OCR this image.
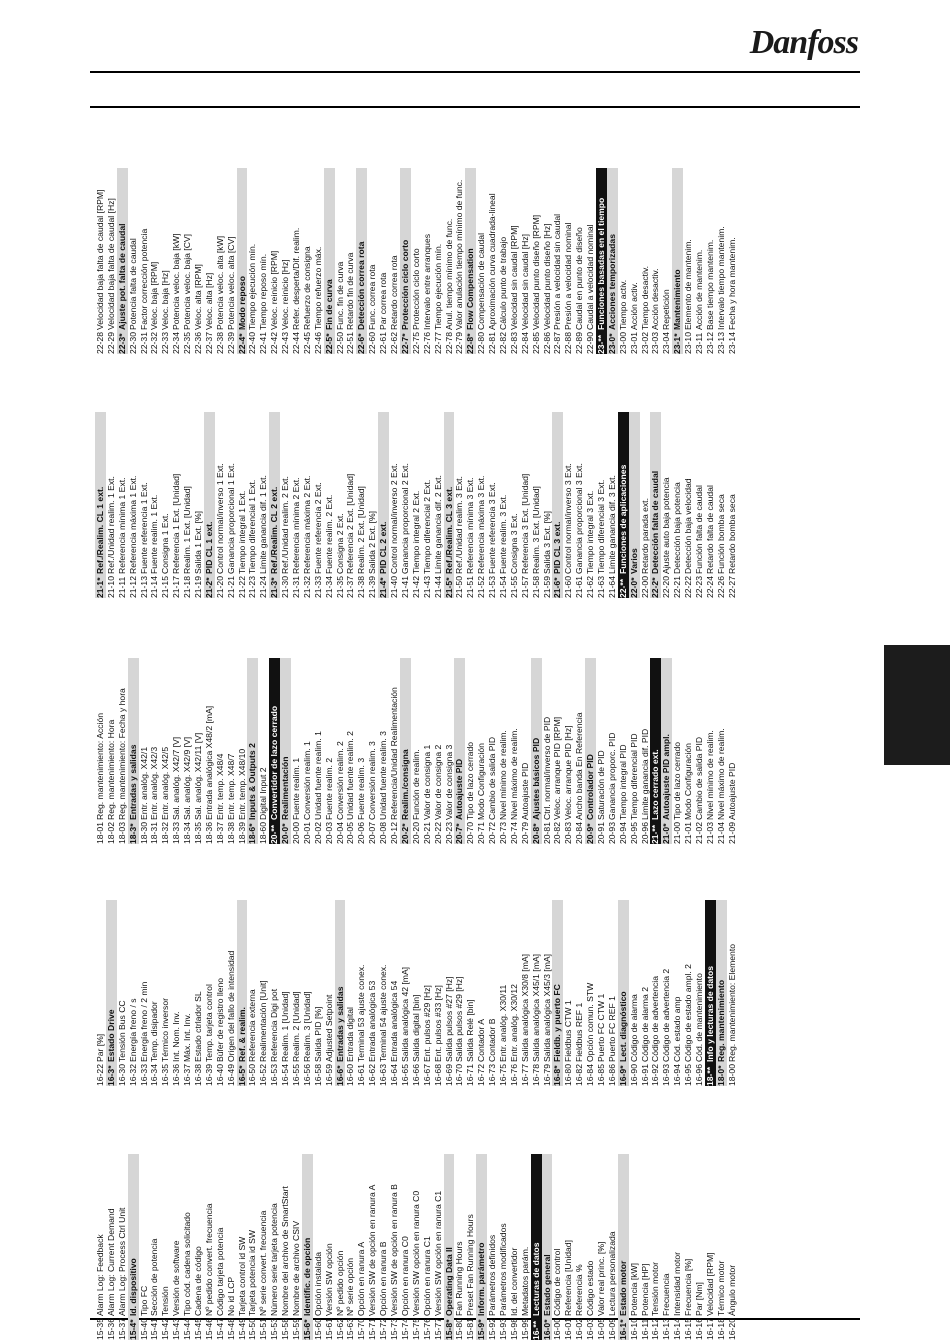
Danfoss
15-35Alarm Log: Feedback
15-36Alarm Log: Current Demand
15-37Alarm Log: Process Ctrl Unit
15-4*Id. dispositivo
15-40Tipo FC
15-41Sección de potencia
15-42Tensión
15-43Versión de software
15-44Tipo cód. cadena solicitado
15-45Cadena de código
15-46Nº pedido convert. frecuencia
15-47Código tarjeta potencia
15-48No id LCP
15-49Tarjeta control id SW
15-50Tarjeta potencia id SW
15-51Nº serie convert. frecuencia
15-53Número serie tarjeta potencia
15-58Nombre del archivo de SmartStart
15-59Nombre de archivo CSIV
15-6*Identific. de opción
15-60Opción instalada
15-61Versión SW opción
15-62Nº pedido opción
15-63Nº serie opción
15-70Opción en ranura A
15-71Versión SW de opción en ranura A
15-72Opción en ranura B
15-73Versión SW de opción en ranura B
15-74Opción en ranura C0
15-75Versión SW opción en ranura C0
15-76Opción en ranura C1
15-77Versión SW opción en ranura C1
15-8*Operating Data II
15-80Fan Running Hours
15-81Preset Fan Running Hours
15-9*Inform. parámetro
15-92Parámetros definidos
15-93Parámetros modificados
15-98Id. del convertidor
15-99Metadatos parám.
16-**Lecturas de datos
16-0*Estado general
16-00Código de control
16-01Referencia [Unidad]
16-02Referencia %
16-03Código estado
16-05Valor real princ. [%]
16-09Lectura personalizada
16-1*Estado motor
16-10Potencia [kW]
16-11Potencia [HP]
16-12Tensión motor
16-13Frecuencia
16-14Intensidad motor
16-15Frecuencia [%]
16-16Par [Nm]
16-17Velocidad [RPM]
16-18Térmico motor
16-20Ángulo motor
16-22Par [%]
16-3*Estado Drive
16-30Tensión Bus CC
16-32Energía freno / s
16-33Energía freno / 2 min
16-34Temp. disipador
16-35Térmico inversor
16-36Int. Nom. Inv.
16-37Máx. Int. Inv.
16-38Estado ctrlador SL
16-39Temp. tarjeta control
16-40Búfer de registro lleno
16-49Origen del fallo de intensidad
16-5*Ref. & realim.
16-50Referencia externa
16-52Realimentación [Unit]
16-53Referencia Digi pot
16-54Realim. 1 [Unidad]
16-55Realim. 2 [Unidad]
16-56Realim. 3 [Unidad]
16-58Salida PID [%]
16-59Adjusted Setpoint
16-6*Entradas y salidas
16-60Entrada digital
16-61Terminal 53 ajuste conex.
16-62Entrada analógica 53
16-63Terminal 54 ajuste conex.
16-64Entrada analógica 54
16-65Salida analógica 42 [mA]
16-66Salida digital [bin]
16-67Ent. pulsos #29 [Hz]
16-68Ent. pulsos #33 [Hz]
16-69Salida pulsos #27 [Hz]
16-70Salida pulsos #29 [Hz]
16-71Salida Relé [bin]
16-72Contador A
16-73Contador B
16-75Entr. analóg. X30/11
16-76Entr. analóg. X30/12
16-77Salida analógica X30/8 [mA]
16-78Salida analógica X45/1 [mA]
16-79Salida analógica X45/3 [mA]
16-8*Fieldb. y puerto FC
16-80Fieldbus CTW 1
16-82Fieldbus REF 1
16-84Opción comun. STW
16-85Puerto FC CTW 1
16-86Puerto FC REF 1
16-9*Lect. diagnóstico
16-90Código de alarma
16-91Código de alarma 2
16-92Código de advertencia
16-93Código de advertencia 2
16-94Cód. estado amp
16-95Código de estado ampl. 2
16-96Cód. de mantenimiento
18-**Info y lecturas de datos
18-0*Reg. mantenimiento
18-00Reg. mantenimiento: Elemento
18-01Reg. mantenimiento: Acción
18-02Reg. mantenimiento: Hora
18-03Reg. mantenimiento: Fecha y hora
18-3*Entradas y salidas
18-30Entr. analóg. X42/1
18-31Entr. analóg. X42/3
18-32Entr. analóg. X42/5
18-33Sal. analóg. X42/7 [V]
18-34Sal. analóg. X42/9 [V]
18-35Sal. analóg. X42/11 [V]
18-36Entrada analógica X48/2 [mA]
18-37Entr. temp. X48/4
18-38Entr. temp. X48/7
18-39Entr. temp. X48/10
18-6*Inputs & Outputs 2
18-60Digital Input 2
20-**Convertidor de lazo cerrado
20-0*Realimentación
20-00Fuente realim. 1
20-01Conversión realim. 1
20-02Unidad fuente realim. 1
20-03Fuente realim. 2
20-04Conversión realim. 2
20-05Unidad fuente realim. 2
20-06Fuente realim. 3
20-07Conversión realim. 3
20-08Unidad fuente realim. 3
20-12Referencia/Unidad Realimentación
20-2*Realim./consigna
20-20Función de realim.
20-21Valor de consigna 1
20-22Valor de consigna 2
20-23Valor de consigna 3
20-7*Autoajuste PID
20-70Tipo de lazo cerrado
20-71Modo Configuración
20-72Cambio de salida PID
20-73Nivel mínimo de realim.
20-74Nivel máximo de realim.
20-79Autoajuste PID
20-8*Ajustes básicos PID
20-81Ctrl. normal/inverso de PID
20-82Veloc. arranque PID [RPM]
20-83Veloc. arranque PID [Hz]
20-84Ancho banda En Referencia
20-9*Controlador PID
20-91Saturación de PID
20-93Ganancia proporc. PID
20-94Tiempo integral PID
20-95Tiempo diferencial PID
20-96Límite ganancia dif. PID
21-**Lazo cerrado ext.
21-0*Autoajuste PID ampl.
21-00Tipo de lazo cerrado
21-01Modo Configuración
21-02Cambio de salida PID
21-03Nivel mínimo de realim.
21-04Nivel máximo de realim.
21-09Autoajuste PID
21-1*Ref./Realim. CL 1 ext.
21-10Ref./Unidad realim. 1 Ext.
21-11Referencia mínima 1 Ext.
21-12Referencia máxima 1 Ext.
21-13Fuente referencia 1 Ext.
21-14Fuente realim. 1 Ext.
21-15Consigna 1 Ext.
21-17Referencia 1 Ext. [Unidad]
21-18Realim. 1 Ext. [Unidad]
21-19Salida 1 Ext. [%]
21-2*PID CL 1 ext.
21-20Control normal/inverso 1 Ext.
21-21Ganancia proporcional 1 Ext.
21-22Tiempo integral 1 Ext.
21-23Tiempo diferencial 1 Ext.
21-24Límite ganancia dif. 1 Ext.
21-3*Ref./Realim. CL 2 ext.
21-30Ref./Unidad realim. 2 Ext.
21-31Referencia mínima 2 Ext.
21-32Referencia máxima 2 Ext.
21-33Fuente referencia 2 Ext.
21-34Fuente realim. 2 Ext.
21-35Consigna 2 Ext.
21-37Referencia 2 Ext. [Unidad]
21-38Realim. 2 Ext. [Unidad]
21-39Salida 2 Ext. [%]
21-4*PID CL 2 ext.
21-40Control normal/inverso 2 Ext.
21-41Ganancia proporcional 2 Ext.
21-42Tiempo integral 2 Ext.
21-43Tiempo diferencial 2 Ext.
21-44Límite ganancia dif. 2 Ext.
21-5*Ref./Realim. CL 3 ext.
21-50Ref./Unidad realim. 3 Ext.
21-51Referencia mínima 3 Ext.
21-52Referencia máxima 3 Ext.
21-53Fuente referencia 3 Ext.
21-54Fuente realim. 3 Ext.
21-55Consigna 3 Ext.
21-57Referencia 3 Ext. [Unidad]
21-58Realim. 3 Ext. [Unidad]
21-59Salida 3 Ext. [%]
21-6*PID CL 3 ext.
21-60Control normal/inverso 3 Ext.
21-61Ganancia proporcional 3 Ext.
21-62Tiempo integral 3 Ext.
21-63Tiempo diferencial 3 Ext.
21-64Límite ganancia dif. 3 Ext.
22-**Funciones de aplicaciones
22-0*Varios
22-00Retardo parada ext.
22-2*Detección falta de caudal
22-20Ajuste auto baja potencia
22-21Detección baja potencia
22-22Detección baja velocidad
22-23Función falta de caudal
22-24Retardo falta de caudal
22-26Función bomba seca
22-27Retardo bomba seca
22-28Velocidad baja falta de caudal [RPM]
22-29Velocidad baja falta de caudal [Hz]
22-3*Ajuste pot. falta de caudal
22-30Potencia falta de caudal
22-31Factor corrección potencia
22-32Veloc. baja [RPM]
22-33Veloc. baja [Hz]
22-34Potencia veloc. baja [kW]
22-35Potencia veloc. baja [CV]
22-36Veloc. alta [RPM]
22-37Veloc. alta [Hz]
22-38Potencia veloc. alta [kW]
22-39Potencia veloc. alta [CV]
22-4*Modo reposo
22-40Tiempo ejecución mín.
22-41Tiempo reposo mín.
22-42Veloc. reinicio [RPM]
22-43Veloc. reinicio [Hz]
22-44Refer. desperta/Dif. realim.
22-45Refuerzo de consigna
22-46Tiempo refuerzo máx.
22-5*Fin de curva
22-50Func. fin de curva
22-51Retardo fin de curva
22-6*Detección correa rota
22-60Func. correa rota
22-61Par correa rota
22-62Retardo correa rota
22-7*Protección ciclo corto
22-75Protección ciclo corto
22-76Intervalo entre arranques
22-77Tiempo ejecución mín.
22-78Anul. tiempo mínimo de func.
22-79Valor anulación tiempo mínimo de func.
22-8*Flow Compensation
22-80Compensación de caudal
22-81Aproximación curva cuadrada-lineal
22-82Cálculo punto de trabajo
22-83Velocidad sin caudal [RPM]
22-84Velocidad sin caudal [Hz]
22-85Velocidad punto diseño [RPM]
22-86Velocidad punto diseño [Hz]
22-87Presión a velocidad sin caudal
22-88Presión a velocidad nominal
22-89Caudal en punto de diseño
22-90Caudal a velocidad nominal
23-**Funciones basadas en el tiempo
23-0*Acciones temporizadas
23-00Tiempo activ.
23-01Acción activ.
23-02Tiempo desactiv.
23-03Acción desactiv.
23-04Repetición
23-1*Mantenimiento
23-10Elemento de mantenim.
23-11Acción de mantenim.
23-12Base tiempo mantenim.
23-13Intervalo tiempo mantenim.
23-14Fecha y hora mantenim.
